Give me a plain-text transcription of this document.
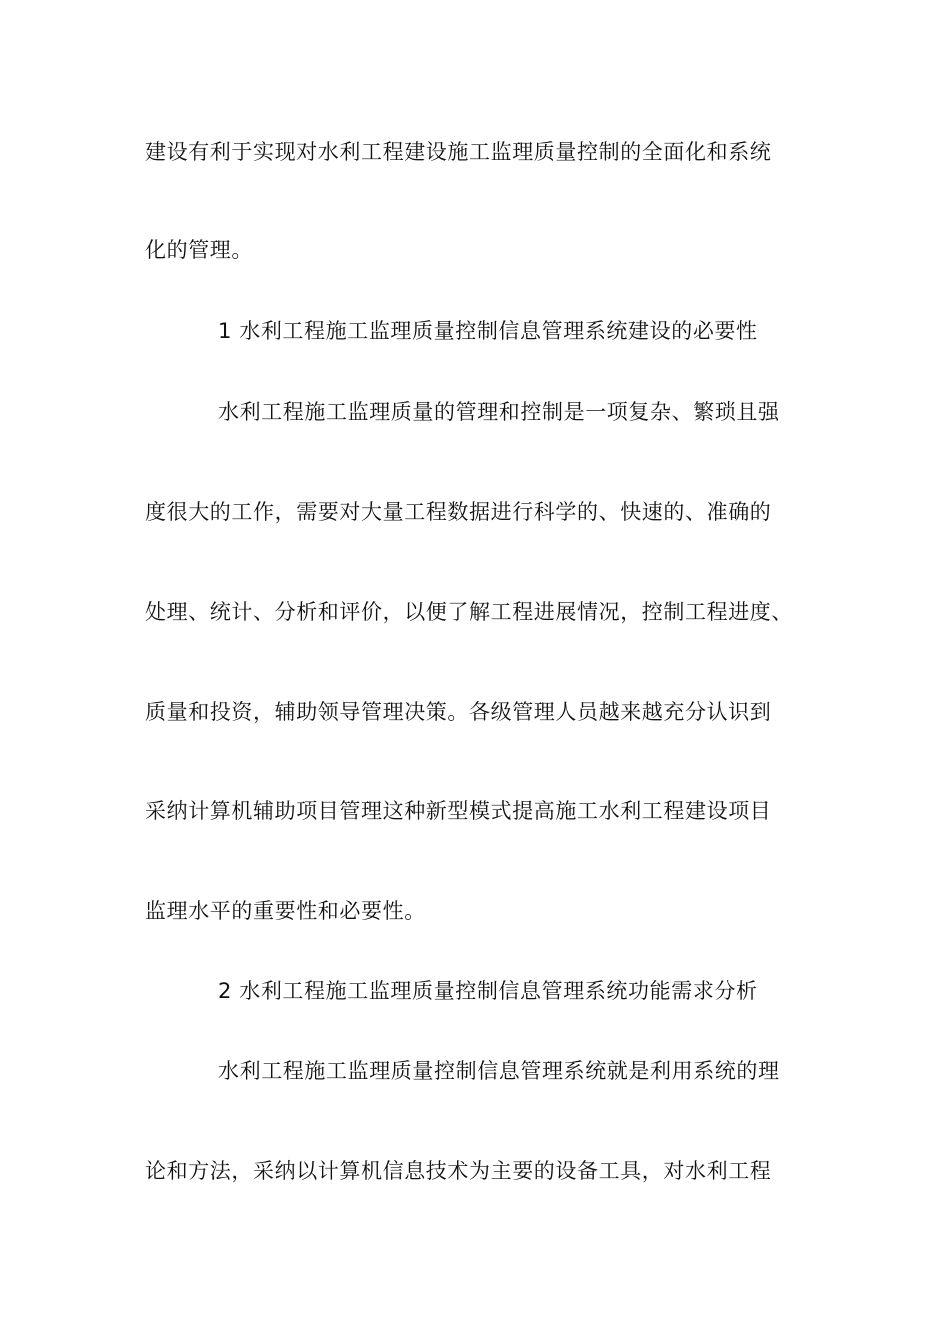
建设有利于实现对水利工程建设施工监理质量控制的全面化和系统
化的管理。
1 水利工程施工监理质量控制信息管理系统建设的必要性
水利工程施工监理质量的管理和控制是一项复杂、繁琐且强
度很大的工作，需要对大量工程数据进行科学的、快速的、准确的
处理、统计、分析和评价，以便了解工程进展情况，控制工程进度、
质量和投资，辅助领导管理决策。各级管理人员越来越充分认识到
采纳计算机辅助项目管理这种新型模式提高施工水利工程建设项目
监理水平的重要性和必要性。
2 水利工程施工监理质量控制信息管理系统功能需求分析
水利工程施工监理质量控制信息管理系统就是利用系统的理
论和方法，采纳以计算机信息技术为主要的设备工具，对水利工程
